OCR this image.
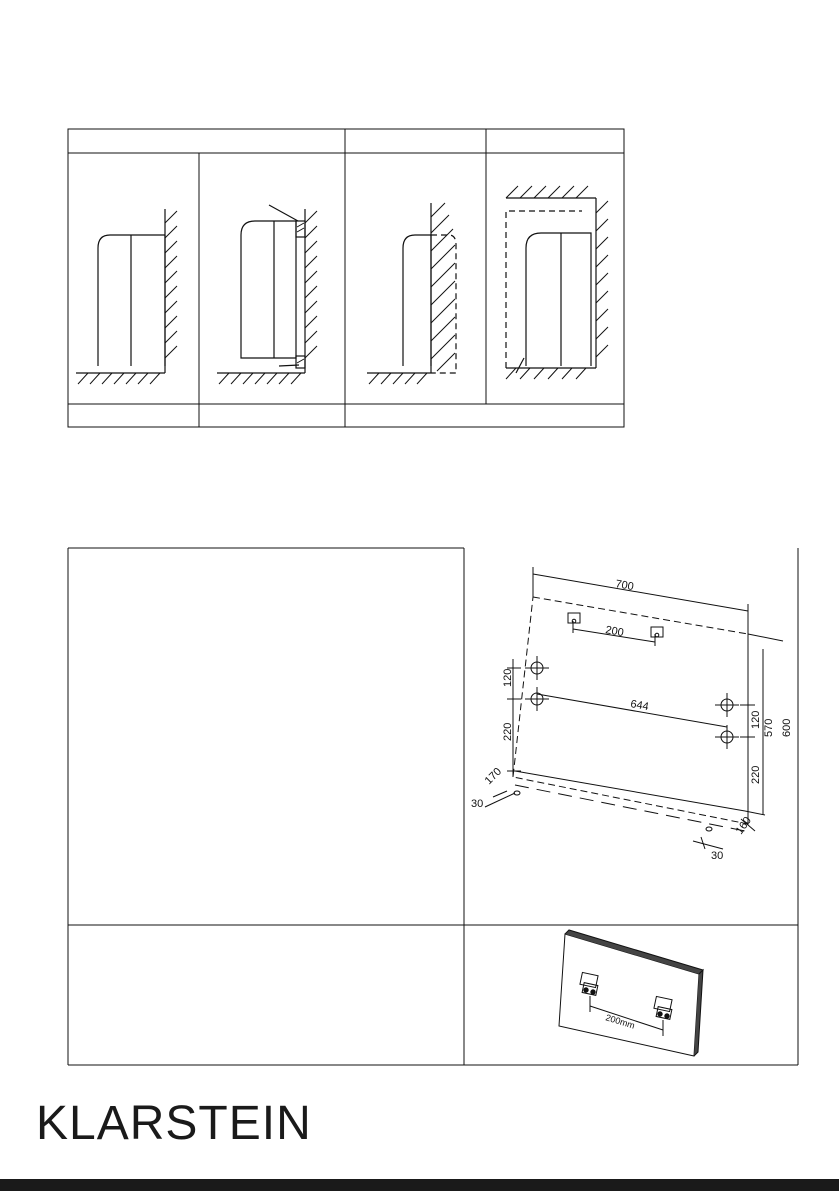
700
200
644
120
220
170
30
120 570 600
220
160
30
200mm
KLARSTEIN
